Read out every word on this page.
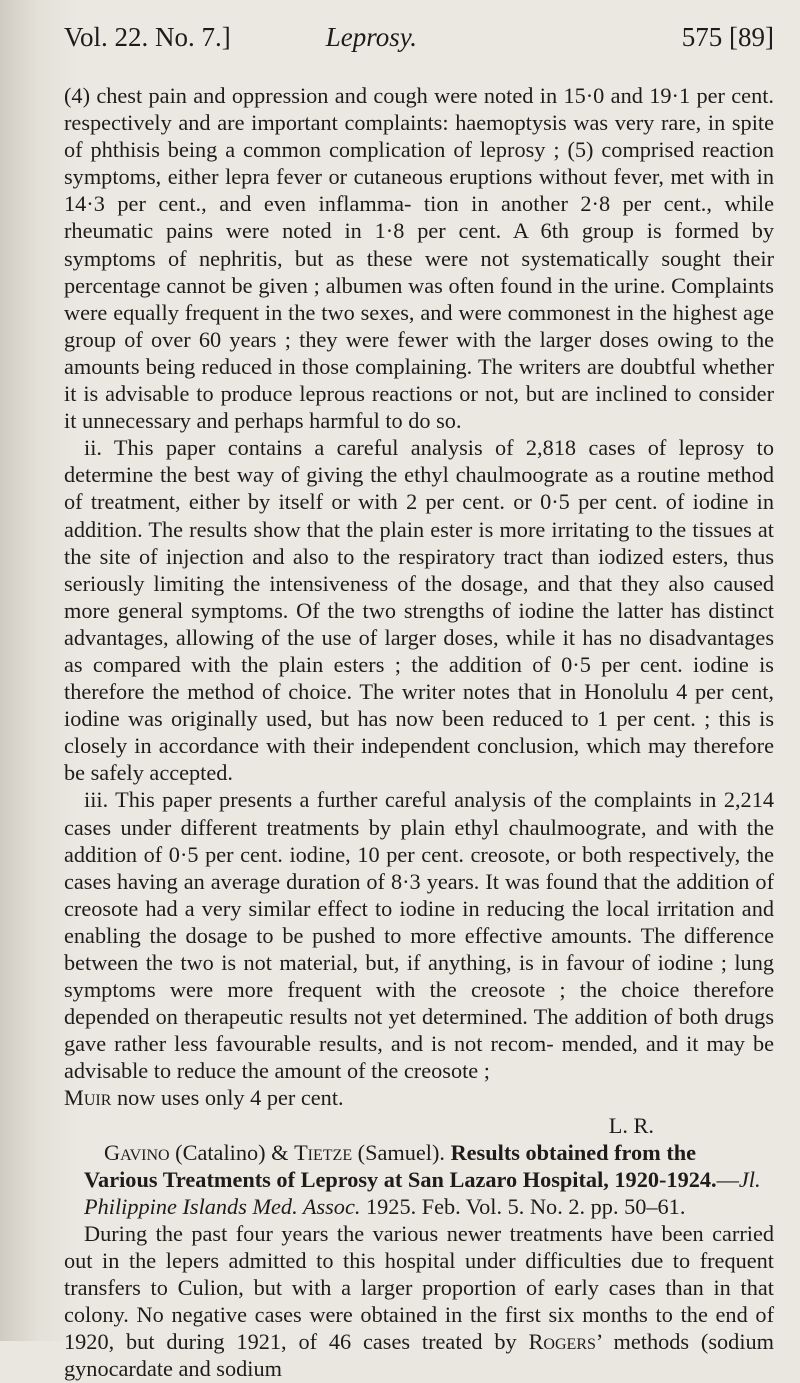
Vol. 22. No. 7.]	Leprosy.	575 [89]

(4) chest pain and oppression and cough were noted in 15·0 and 19·1 per cent. respectively and are important complaints: haemoptysis was very rare, in spite of phthisis being a common complication of leprosy ; (5) comprised reaction symptoms, either lepra fever or cutaneous eruptions without fever, met with in 14·3 per cent., and even inflamma- tion in another 2·8 per cent., while rheumatic pains were noted in 1·8 per cent. A 6th group is formed by symptoms of nephritis, but as these were not systematically sought their percentage cannot be given ; albumen was often found in the urine. Complaints were equally frequent in the two sexes, and were commonest in the highest age group of over 60 years ; they were fewer with the larger doses owing to the amounts being reduced in those complaining. The writers are doubtful whether it is advisable to produce leprous reactions or not, but are inclined to consider it unnecessary and perhaps harmful to do so.

ii. This paper contains a careful analysis of 2,818 cases of leprosy to determine the best way of giving the ethyl chaulmoograte as a routine method of treatment, either by itself or with 2 per cent. or 0·5 per cent. of iodine in addition. The results show that the plain ester is more irritating to the tissues at the site of injection and also to the respiratory tract than iodized esters, thus seriously limiting the intensiveness of the dosage, and that they also caused more general symptoms. Of the two strengths of iodine the latter has distinct advantages, allowing of the use of larger doses, while it has no disadvantages as compared with the plain esters ; the addition of 0·5 per cent. iodine is therefore the method of choice. The writer notes that in Honolulu 4 per cent, iodine was originally used, but has now been reduced to 1 per cent. ; this is closely in accordance with their independent conclusion, which may therefore be safely accepted.

iii. This paper presents a further careful analysis of the complaints in 2,214 cases under different treatments by plain ethyl chaulmoograte, and with the addition of 0·5 per cent. iodine, 10 per cent. creosote, or both respectively, the cases having an average duration of 8·3 years. It was found that the addition of creosote had a very similar effect to iodine in reducing the local irritation and enabling the dosage to be pushed to more effective amounts. The difference between the two is not material, but, if anything, is in favour of iodine ; lung symptoms were more frequent with the creosote ; the choice therefore depended on therapeutic results not yet determined. The addition of both drugs gave rather less favourable results, and is not recom- mended, and it may be advisable to reduce the amount of the creosote ;
Muir now uses only 4 per cent.

L. R.

Gavino (Catalino) & Tietze (Samuel). Results obtained from the Various Treatments of Leprosy at San Lazaro Hospital, 1920-1924.—Jl. Philippine Islands Med. Assoc. 1925. Feb. Vol. 5. No. 2. pp. 50–61.

During the past four years the various newer treatments have been carried out in the lepers admitted to this hospital under difficulties due to frequent transfers to Culion, but with a larger proportion of early cases than in that colony. No negative cases were obtained in the first six months to the end of 1920, but during 1921, of 46 cases treated by Rogers’ methods (sodium gynocardate and sodium
